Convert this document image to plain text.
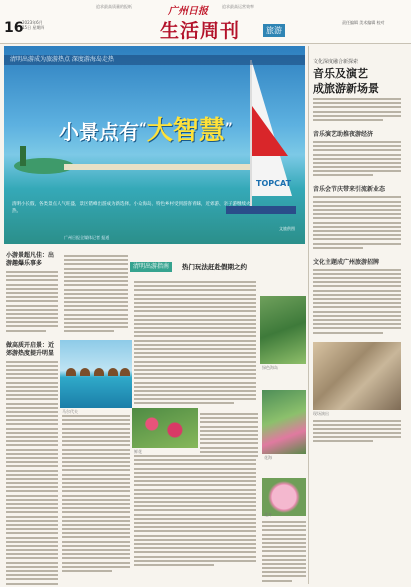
16
2023年6月15日 星期四
追求最高质量的报纸	追求最高运营效率
广州日报
生活周刊	旅游
责任编辑 美术编辑 校对
TOPCAT
清明出游成为旅游热点 深度游海岛走热
小景点有“大智慧”
清明小长假，各类景点人气旺盛，景区错峰出游成为新选择。小众海岛、特色乡村受到游客青睐，近郊游、亲子游继续火热。
文旅供图
广州日报全媒体记者 报道
文化深度融合新探索
音乐及演艺
成旅游新场景
音乐演艺助推夜游经济
音乐会节庆带来引流新业态
文化主题成广州旅游招牌
现场演出
小游景超凡佳：出游趣爆乐事多
做高质开启景：近郊游热度提升明显
清明出游指南	热门玩法赶赴假期之约
马尔代夫
绿色海岛
花海
鲜花
花卉
